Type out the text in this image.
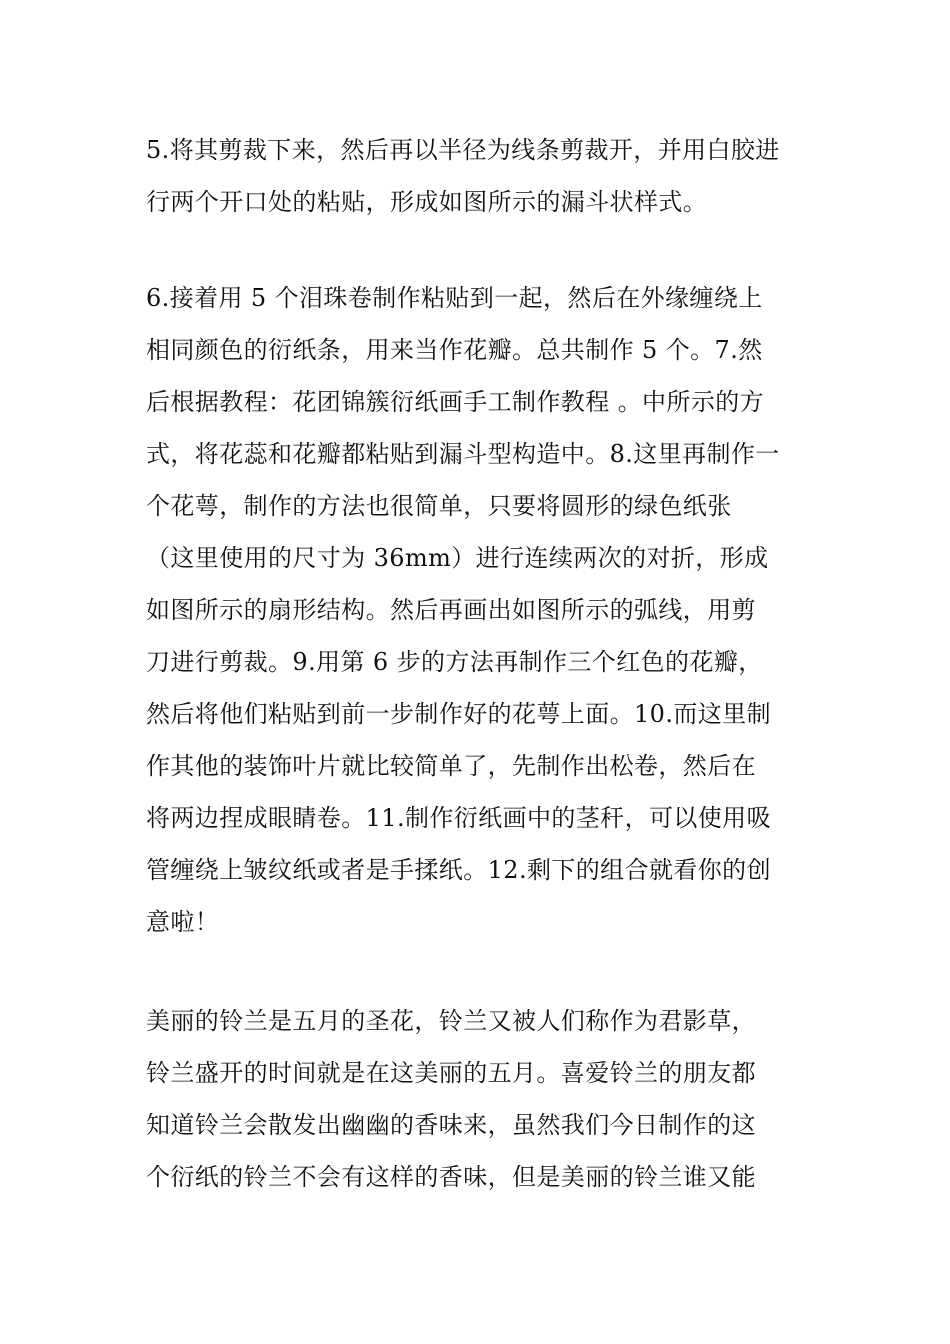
5.将其剪裁下来，然后再以半径为线条剪裁开，并用白胶进
行两个开口处的粘贴，形成如图所示的漏斗状样式。
6.接着用 5 个泪珠卷制作粘贴到一起，然后在外缘缠绕上
相同颜色的衍纸条，用来当作花瓣。总共制作 5 个。7.然
后根据教程：花团锦簇衍纸画手工制作教程 。中所示的方
式，将花蕊和花瓣都粘贴到漏斗型构造中。8.这里再制作一
个花萼，制作的方法也很简单，只要将圆形的绿色纸张
（这里使用的尺寸为 36mm）进行连续两次的对折，形成
如图所示的扇形结构。然后再画出如图所示的弧线，用剪
刀进行剪裁。9.用第 6 步的方法再制作三个红色的花瓣，
然后将他们粘贴到前一步制作好的花萼上面。10.而这里制
作其他的装饰叶片就比较简单了，先制作出松卷，然后在
将两边捏成眼睛卷。11.制作衍纸画中的茎秆，可以使用吸
管缠绕上皱纹纸或者是手揉纸。12.剩下的组合就看你的创
意啦！
美丽的铃兰是五月的圣花，铃兰又被人们称作为君影草，
铃兰盛开的时间就是在这美丽的五月。喜爱铃兰的朋友都
知道铃兰会散发出幽幽的香味来，虽然我们今日制作的这
个衍纸的铃兰不会有这样的香味，但是美丽的铃兰谁又能
